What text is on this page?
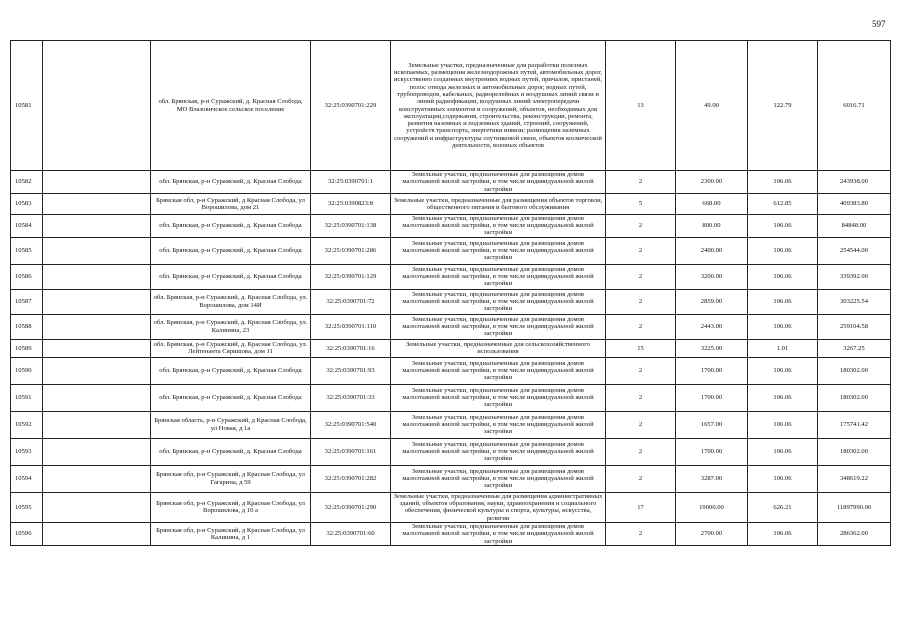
597
10581		обл. Брянская, р-н Суражский, д. Красная Слобода, МО Влазовичское сельское поселение	32:25:0390701:229	Земельные участки, предназначенные для разработки полезных ископаемых, размещения железнодорожных путей, автомобильных дорог, искусственно созданных внутренних водных путей, причалов, пристаней, полос отвода железных и автомобильных дорог, водных путей, трубопроводов, кабельных, радиорелейных и воздушных линий связи и линий радиофикации, воздушных линий электропередачи конструктивных элементов и сооружений, объектов, необходимых для эксплуатации,содержания, строительства, реконструкции, ремонта, развития наземных и подземных зданий, строений, сооружений, устройств транспорта, энергетики инвязи; размещения наземных сооружений и инфраструктуры спутниковой связи, объектов космической деятельности, военных объектов	13	49.00	122.79	6016.71
10582		обл. Брянская, р-н Суражский, д. Красная Слобода	32:25:0390701:1	Земельные участки, предназначенные для размещения домов малоэтажной жилой застройки, в том числе индивидуальной жилой застройки	2	2300.00	106.06	243938.00
10583		Брянская обл, р-н Суражский, д Красная Слобода, ул Ворошилова, дом 21	32:25:0390823:8	Земельные участки, предназначенные для размещения объектов торговли, общественного питания и бытового обслуживания	5	668.00	612.85	409383.80
10584		обл. Брянская, р-н Суражский, д. Красная Слобода	32:25:0390701:138	Земельные участки, предназначенные для размещения домов малоэтажной жилой застройки, в том числе индивидуальной жилой застройки	2	800.00	106.06	84848.00
10585		обл. Брянская, р-н Суражский, д. Красная Слобода	32:25:0390701:286	Земельные участки, предназначенные для размещения домов малоэтажной жилой застройки, в том числе индивидуальной жилой застройки	2	2400.00	106.06	254544.00
10586		обл. Брянская, р-н Суражский, д. Красная Слобода	32:25:0390701:129	Земельные участки, предназначенные для размещения домов малоэтажной жилой застройки, в том числе индивидуальной жилой застройки	2	3200.00	106.06	339392.00
10587		обл. Брянская, р-н Суражский, д. Красная Слобода, ул. Ворошилова, дом 14И	32:25:0390701:72	Земельные участки, предназначенные для размещения домов малоэтажной жилой застройки, в том числе индивидуальной жилой застройки	2	2859.00	106.06	303225.54
10588		обл. Брянская, р-н Суражский, д. Красная Слобода, ул. Калинина, 23	32:25:0390701:110	Земельные участки, предназначенные для размещения домов малоэтажной жилой застройки, в том числе индивидуальной жилой застройки	2	2443.00	106.06	259104.58
10589		обл. Брянская, р-н Суражский, д. Красная Слобода, ул. Лейтенанта Сяришова, дом 11	32:25:0390701:16	Земельные участки, предназначенные для сельскохозяйственного использования	15	3225.00	1.01	3267.25
10590		обл. Брянская, р-н Суражский, д. Красная Слобода	32:25:0390701:93	Земельные участки, предназначенные для размещения домов малоэтажной жилой застройки, в том числе индивидуальной жилой застройки	2	1700.00	106.06	180302.00
10591		обл. Брянская, р-н Суражский, д. Красная Слобода	32:25:0390701:33	Земельные участки, предназначенные для размещения домов малоэтажной жилой застройки, в том числе индивидуальной жилой застройки	2	1700.00	106.06	180302.00
10592		Брянская область, р-н Суражский, д Красная Слобода, ул Новая, д 1а	32:25:0390701:540	Земельные участки, предназначенные для размещения домов малоэтажной жилой застройки, в том числе индивидуальной жилой застройки	2	1657.00	106.06	175741.42
10593		обл. Брянская, р-н Суражский, д. Красная Слобода	32:25:0390701:161	Земельные участки, предназначенные для размещения домов малоэтажной жилой застройки, в том числе индивидуальной жилой застройки	2	1700.00	106.06	180302.00
10594		Брянская обл, р-н Суражский, д Красная Слобода, ул Гагарина, д 59	32:25:0390701:282	Земельные участки, предназначенные для размещения домов малоэтажной жилой застройки, в том числе индивидуальной жилой застройки	2	3287.00	106.06	348619.22
10595		Брянская обл, р-н Суражский, д Красная Слобода, ул Ворошилова, д 10 а	32:25:0390701:290	Земельные участки, предназначенные для размещения административных зданий, объектов образования, науки, здравоохранения и социального обеспечения, физической культуры и спорта, культуры, искусства, религии	17	19000.00	626.21	11897990.00
10596		Брянская обл, р-н Суражский, д Красная Слобода, ул Калинина, д 1	32:25:0390701:60	Земельные участки, предназначенные для размещения домов малоэтажной жилой застройки, в том числе индивидуальной жилой застройки	2	2700.00	106.06	286362.00
